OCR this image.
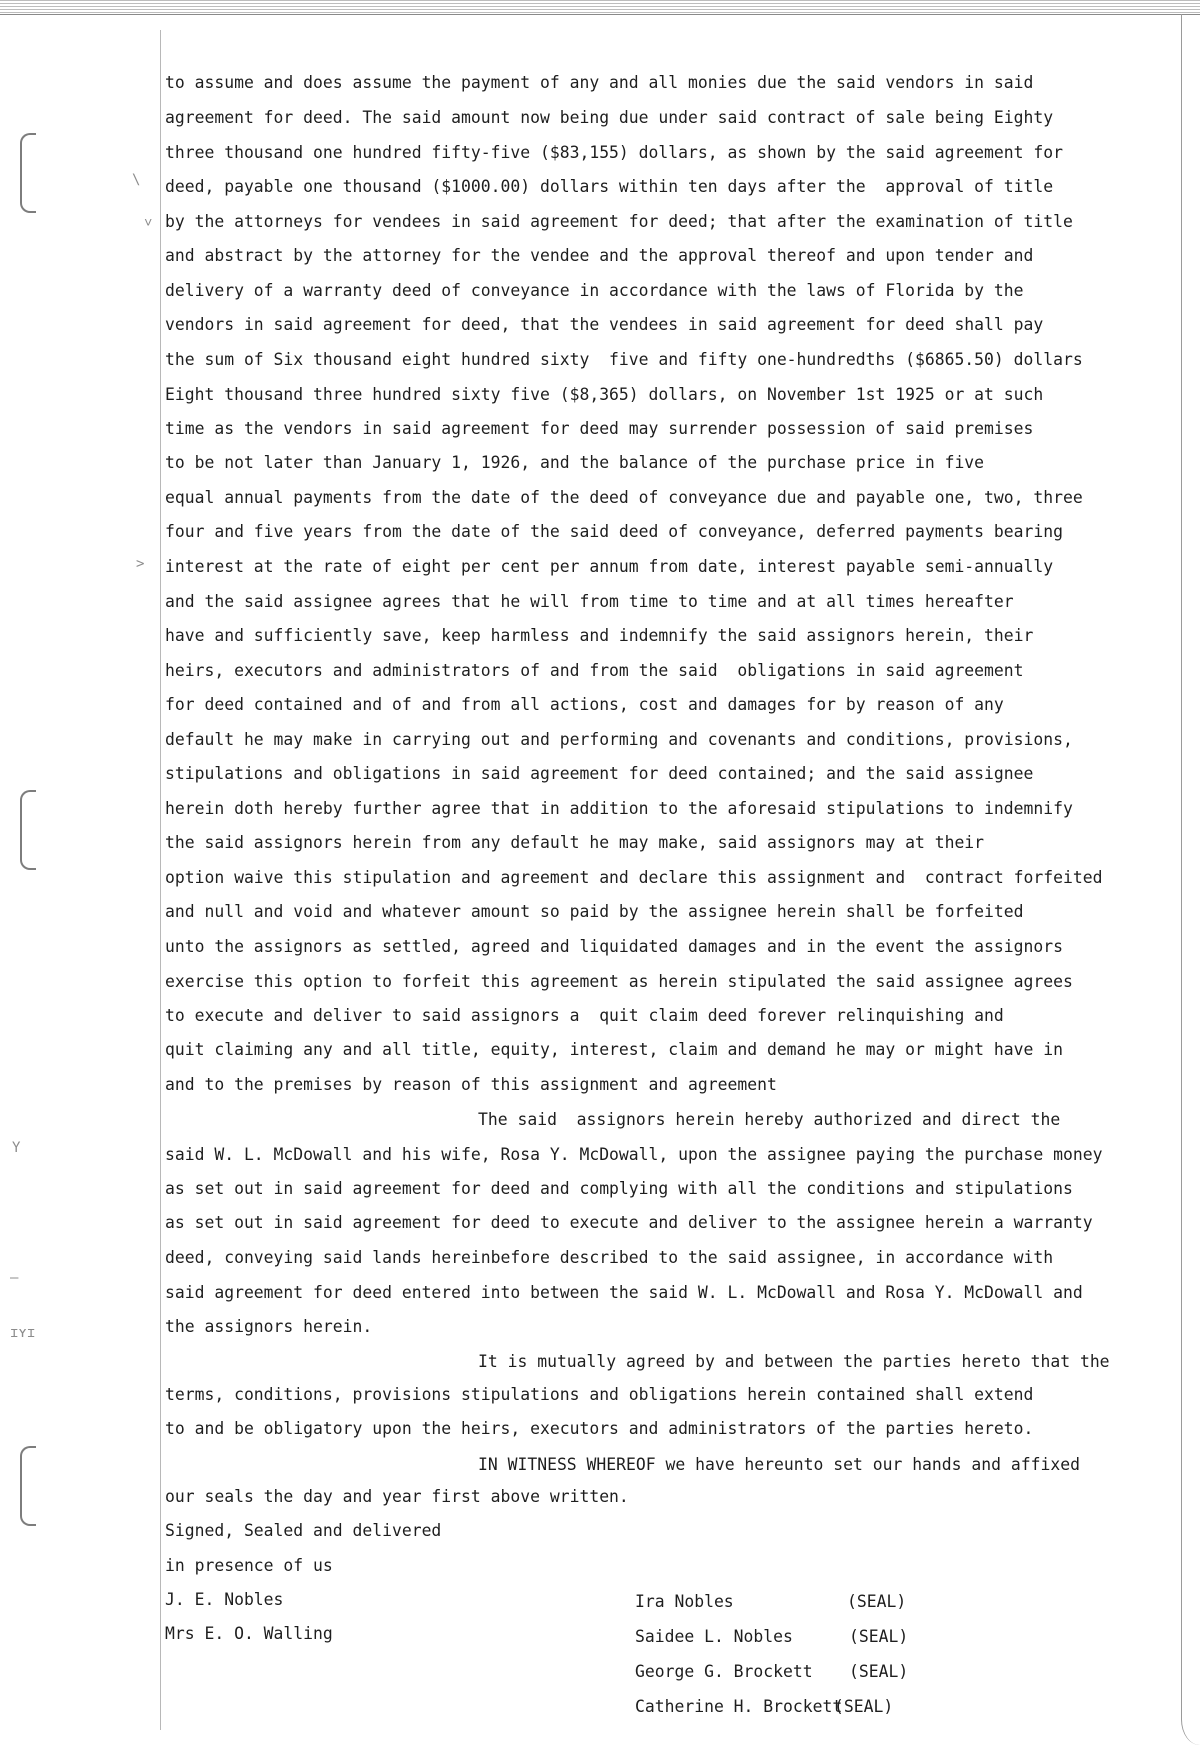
\
˅
>
Y
—
ɪʏɪ
to assume and does assume the payment of any and all monies due the said vendors in said
agreement for deed. The said amount now being due under said contract of sale being Eighty
three thousand one hundred fifty-five ($83,155) dollars, as shown by the said agreement for
deed, payable one thousand ($1000.00) dollars within ten days after the  approval of title
by the attorneys for vendees in said agreement for deed; that after the examination of title
and abstract by the attorney for the vendee and the approval thereof and upon tender and
delivery of a warranty deed of conveyance in accordance with the laws of Florida by the
vendors in said agreement for deed, that the vendees in said agreement for deed shall pay
the sum of Six thousand eight hundred sixty  five and fifty one-hundredths ($6865.50) dollars
Eight thousand three hundred sixty five ($8,365) dollars, on November 1st 1925 or at such
time as the vendors in said agreement for deed may surrender possession of said premises
to be not later than January 1, 1926, and the balance of the purchase price in five
equal annual payments from the date of the deed of conveyance due and payable one, two, three
four and five years from the date of the said deed of conveyance, deferred payments bearing
interest at the rate of eight per cent per annum from date, interest payable semi-annually
and the said assignee agrees that he will from time to time and at all times hereafter
have and sufficiently save, keep harmless and indemnify the said assignors herein, their
heirs, executors and administrators of and from the said  obligations in said agreement
for deed contained and of and from all actions, cost and damages for by reason of any
default he may make in carrying out and performing and covenants and conditions, provisions,
stipulations and obligations in said agreement for deed contained; and the said assignee
herein doth hereby further agree that in addition to the aforesaid stipulations to indemnify
the said assignors herein from any default he may make, said assignors may at their
option waive this stipulation and agreement and declare this assignment and  contract forfeited
and null and void and whatever amount so paid by the assignee herein shall be forfeited
unto the assignors as settled, agreed and liquidated damages and in the event the assignors
exercise this option to forfeit this agreement as herein stipulated the said assignee agrees
to execute and deliver to said assignors a  quit claim deed forever relinquishing and
quit claiming any and all title, equity, interest, claim and demand he may or might have in
and to the premises by reason of this assignment and agreement
The said  assignors herein hereby authorized and direct the
said W. L. McDowall and his wife, Rosa Y. McDowall, upon the assignee paying the purchase money
as set out in said agreement for deed and complying with all the conditions and stipulations
as set out in said agreement for deed to execute and deliver to the assignee herein a warranty
deed, conveying said lands hereinbefore described to the said assignee, in accordance with
said agreement for deed entered into between the said W. L. McDowall and Rosa Y. McDowall and
the assignors herein.
It is mutually agreed by and between the parties hereto that the
terms, conditions, provisions stipulations and obligations herein contained shall extend
to and be obligatory upon the heirs, executors and administrators of the parties hereto.
IN WITNESS WHEREOF we have hereunto set our hands and affixed
our seals the day and year first above written.
Signed, Sealed and delivered
in presence of us
J. E. Nobles
Mrs E. O. Walling
Ira Nobles	(SEAL)
Saidee L. Nobles	(SEAL)
George G. Brockett (SEAL)
Catherine H. Brockett
(SEAL)
